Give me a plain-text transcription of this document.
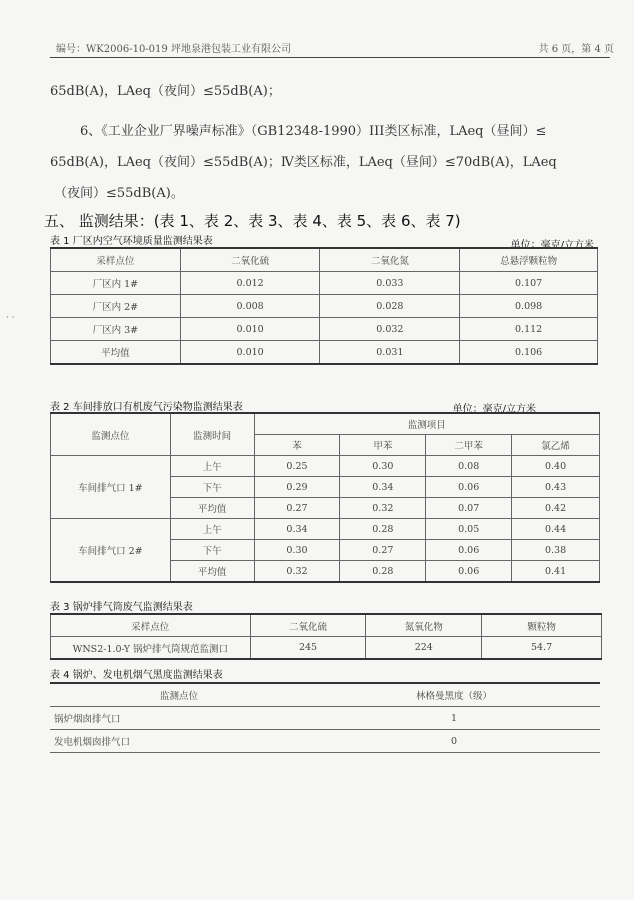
编号：WK2006-10-019 坪地泉港包装工业有限公司	共 6 页，第 4 页
· ·
65dB(A)，LAeq（夜间）≤55dB(A)；
6、《工业企业厂界噪声标准》（GB12348-1990）III类区标准，LAeq（昼间）≤
65dB(A)，LAeq（夜间）≤55dB(A)；Ⅳ类区标准，LAeq（昼间）≤70dB(A)，LAeq
（夜间）≤55dB(A)。
五、 监测结果：(表 1、表 2、表 3、表 4、表 5、表 6、表 7)
表 1 厂区内空气环境质量监测结果表	单位：毫克/立方米
采样点位	二氧化硫	二氧化氮	总悬浮颗粒物
厂区内 1#	0.012	0.033	0.107
厂区内 2#	0.008	0.028	0.098
厂区内 3#	0.010	0.032	0.112
平均值	0.010	0.031	0.106
表 2 车间排放口有机废气污染物监测结果表	单位：毫克/立方米
监测点位	监测时间	监测项目			
		苯	甲苯	二甲苯	氯乙烯
车间排气口 1#	上午	0.25	0.30	0.08	0.40
	下午	0.29	0.34	0.06	0.43
	平均值	0.27	0.32	0.07	0.42
车间排气口 2#	上午	0.34	0.28	0.05	0.44
	下午	0.30	0.27	0.06	0.38
	平均值	0.32	0.28	0.06	0.41
表 3 锅炉排气筒废气监测结果表
采样点位	二氧化硫	氮氧化物	颗粒物
WNS2-1.0-Y 锅炉排气筒规范监测口	245	224	54.7
表 4 锅炉、发电机烟气黑度监测结果表
监测点位	林格曼黑度（级）
锅炉烟囱排气口	1
发电机烟囱排气口	0
